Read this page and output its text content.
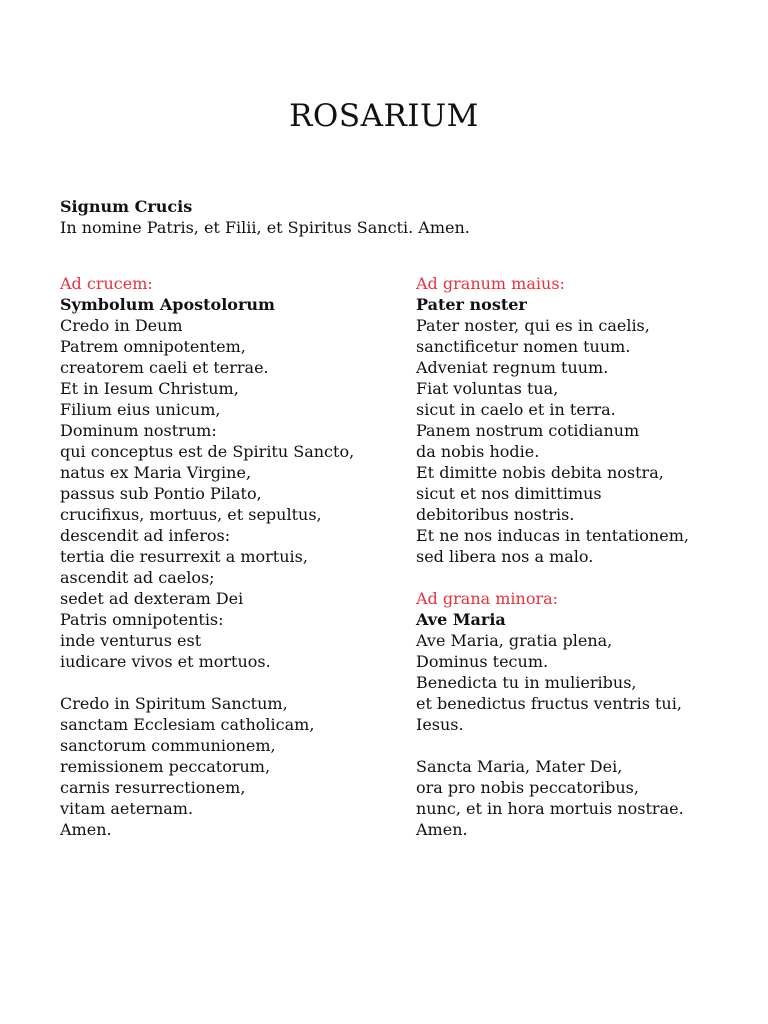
ROSARIUM
Signum Crucis
In nomine Patris, et Filii, et Spiritus Sancti. Amen.
Ad crucem:
Symbolum Apostolorum
Credo in Deum
Patrem omnipotentem,
creatorem caeli et terrae.
Et in Iesum Christum,
Filium eius unicum,
Dominum nostrum:
qui conceptus est de Spiritu Sancto,
natus ex Maria Virgine,
passus sub Pontio Pilato,
crucifixus, mortuus, et sepultus,
descendit ad inferos:
tertia die resurrexit a mortuis,
ascendit ad caelos;
sedet ad dexteram Dei
Patris omnipotentis:
inde venturus est
iudicare vivos et mortuos.
Credo in Spiritum Sanctum,
sanctam Ecclesiam catholicam,
sanctorum communionem,
remissionem peccatorum,
carnis resurrectionem,
vitam aeternam.
Amen.
Ad granum maius:
Pater noster
Pater noster, qui es in caelis,
sanctificetur nomen tuum.
Adveniat regnum tuum.
Fiat voluntas tua,
sicut in caelo et in terra.
Panem nostrum cotidianum
da nobis hodie.
Et dimitte nobis debita nostra,
sicut et nos dimittimus
debitoribus nostris.
Et ne nos inducas in tentationem,
sed libera nos a malo.
Ad grana minora:
Ave Maria
Ave Maria, gratia plena,
Dominus tecum.
Benedicta tu in mulieribus,
et benedictus fructus ventris tui,
Iesus.
Sancta Maria, Mater Dei,
ora pro nobis peccatoribus,
nunc, et in hora mortuis nostrae.
Amen.
